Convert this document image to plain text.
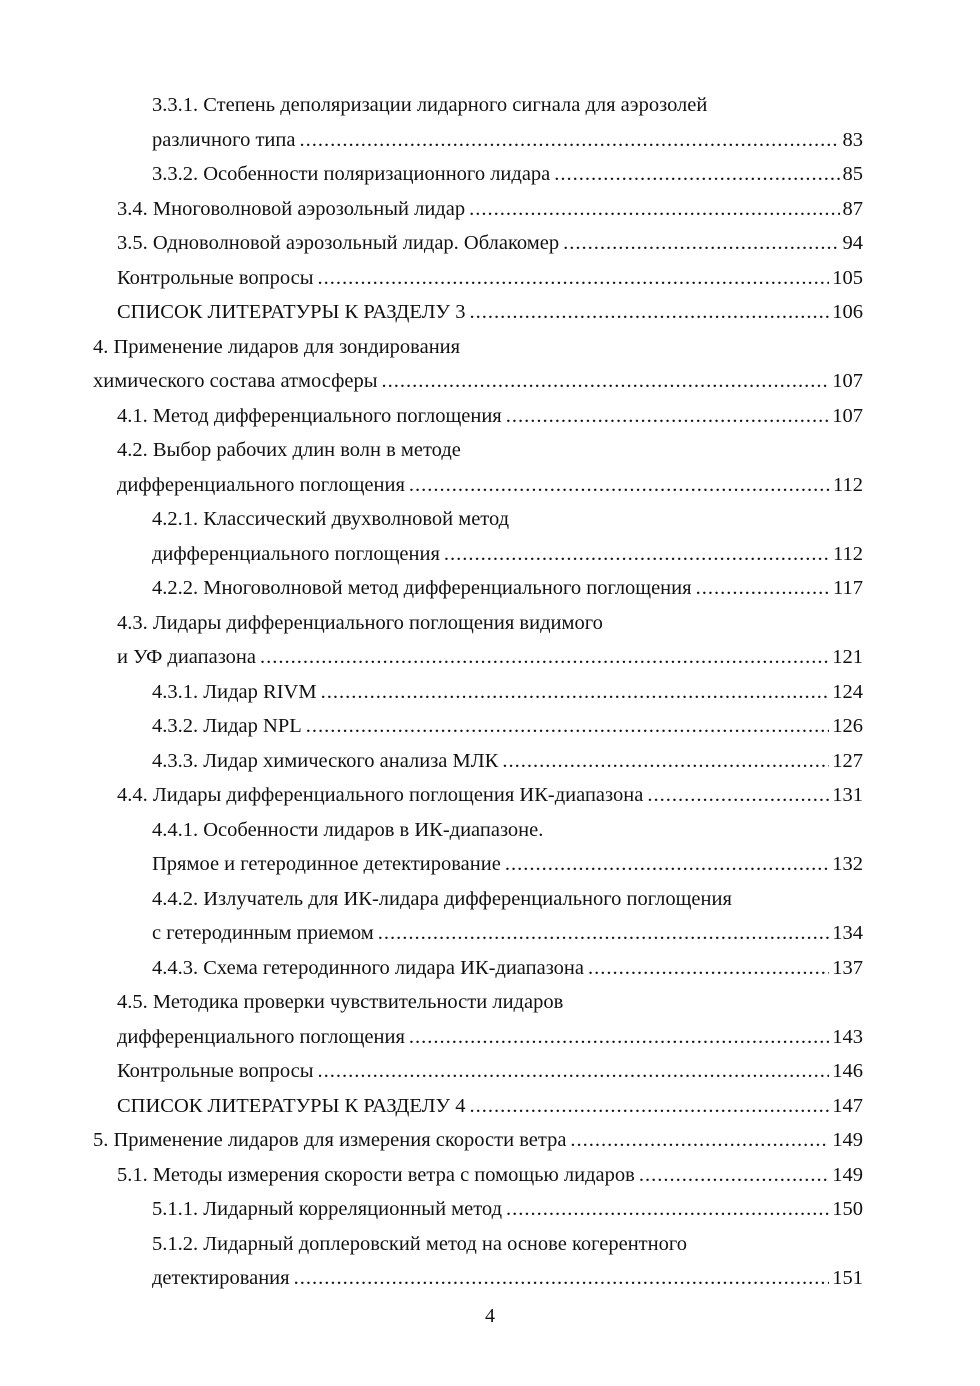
3.3.1. Степень деполяризации лидарного сигнала для аэрозолей
различного типа .....	83
3.3.2. Особенности поляризационного лидара .....	85
3.4. Многоволновой аэрозольный лидар .....	87
3.5. Одноволновой аэрозольный лидар. Облакомер .....	94
Контрольные вопросы .....	105
СПИСОК ЛИТЕРАТУРЫ К РАЗДЕЛУ 3 .....	106
4. Применение лидаров для зондирования
химического состава атмосферы .....	107
4.1. Метод дифференциального поглощения .....	107
4.2. Выбор рабочих длин волн в методе
дифференциального поглощения .....	112
4.2.1. Классический двухволновой метод
дифференциального поглощения .....	112
4.2.2. Многоволновой метод дифференциального поглощения .....	117
4.3. Лидары дифференциального поглощения видимого
и УФ диапазона .....	121
4.3.1. Лидар RIVM .....	124
4.3.2. Лидар NPL .....	126
4.3.3. Лидар химического анализа МЛК .....	127
4.4. Лидары дифференциального поглощения ИК-диапазона .....	131
4.4.1. Особенности лидаров в ИК-диапазоне.
Прямое и гетеродинное детектирование .....	132
4.4.2. Излучатель для ИК-лидара дифференциального поглощения
с гетеродинным приемом .....	134
4.4.3. Схема гетеродинного лидара ИК-диапазона .....	137
4.5. Методика проверки чувствительности лидаров
дифференциального поглощения .....	143
Контрольные вопросы .....	146
СПИСОК ЛИТЕРАТУРЫ К РАЗДЕЛУ 4 .....	147
5. Применение лидаров для измерения скорости ветра .....	149
5.1. Методы измерения скорости ветра с помощью лидаров .....	149
5.1.1. Лидарный корреляционный метод .....	150
5.1.2. Лидарный доплеровский метод на основе когерентного
детектирования .....	151
4
